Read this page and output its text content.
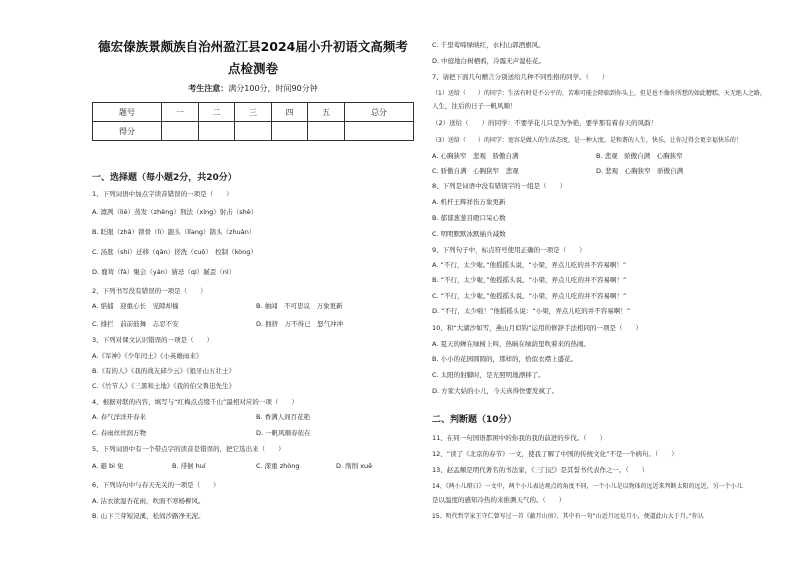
德宏傣族景颇族自治州盈江县2024届小升初语文高频考点检测卷
考生注意：满分100分，时间90分钟
题号	一	二	三	四	五	总分
得分						
一、选择题（每小题2分，共20分）
1、下列词语中加点字读音错误的一项是（　　）
A. 凛冽（liè）蒸发（zhēng）刑法（xíng）射击（shè）
B. 眨眼（zhǎ）锁骨（lì）跟头（lǐang）鹊头（zhuàn）
C. 汤匙（shí）迁移（qān）搓洗（cuō）　控制（kòng）
D. 鹿茸（fà）聚会（yán）猜忌（qí）腻歪（nì）
2、下列书写没有错误的一项是（　　）
A. 惦捕　迎重心长　见隙却撞	B. 抽闻　不可思议　万象更新
C. 排拦　前前鼓舞　志忍不安	D. 拥挤　万不得已　怒气冲冲
3、下列对课文认识错误的一项是（　　）
A.《军神》《少年闰土》《小英雄雨来》
B.《有的人》《我的战友邱少云》《狼牙山五壮士》
C.《竹节人》《三黑和土地》《我的伯父鲁迅先生》
4、根据对联的内容，填写与“红梅点点缀千山”最相对应的一项（　　）
A. 春气洋洋开春来	B. 香满人间百花艳
C. 春雨丝丝润万物	D. 一帆风顺春依在
5、下列词语中有一个带点字的读音是错误的，把它选出来（　　）
A. 避 bì 免	B. 徘徊 huí	C. 深重 zhòng	D. 削削 xuē
6、下列诗句中与春天无关的一项是（　　）
A. 沾衣欲湿杏花雨，吹面不寒杨柳风。
B. 山下兰芽短浸溪，松间沙路净无泥。
C. 千里莺啼绿映红，水村山郭酒旗风。
D. 中庭地白树栖鸦，冷露无声湿桂花。
7、请把下面几句赠言分别送给几种不同性格的同学。（　　）
（1）送给（　　）的同学：生活有时是不公平的，苦难可能会降临到你头上，但是也不像你所想的如此糟糕，天无绝人之路，
人生，往后的日子一帆风顺！
（2）送给（　　）的同学：不要学花儿只是为争艳，要学那有着春天的风韵！
（3）送给（　　）的同学：宽容是做人的生活态度，是一种大度，是和谐的人生，快乐，让你过得会更幸福快乐的！
A. 心胸狭窄　悲观　骄傲自满	B. 悲观　骄傲自满　心胸狭窄
C. 骄傲自满　心胸狭窄　悲观	D. 悲观　心胸狭窄　骄傲自满
8、下列是词语中没有错别字的一组是（　　）
A. 机杆王辉祥伤万象更新
B. 郁郁葱葱目瞪口呆心数
C. 明明默默冰默插兵减数
9、下列句子中，标点符号使用正确的一项是（　　）
A. “不行，太少啦。”他摇摇头说，“小梁，弄点儿吃的并不容易啊！”
B. “不行，太少啦，”他摇摇头说。“小梁，弄点儿吃的并不容易啊！”
C. “不行，太少啦。”他摇摇头说。“小梁，弄点儿吃的并不容易啊！”
D. “不行，太少啦！”他摇摇头说：“小梁，弄点儿吃的并不容易啊！”
10、和“大湖沙如雪，燕山月似钩”运用的修辞手法相同的一项是（　　）
A. 夏天的蝉在绿树上叫，热晌在绿荫里吹着来的热闹。
B. 小小的花园圆圆的，那样的，恰似衣襟上盛花。
C. 太阳的射脚时，是光照明地漂移了。
D. 方家大姑的小儿，今天真得快要发疯了。
二、判断题（10分）
11、在同一句国语都困中的你我的我的前进的步伐。（　　）
12、“读了《北京的春节》一文，使我了解了中国的传统文化”不是一个病句。（　　）
13、赵孟頫是明代著名的书法家，《三门记》是其誓书代表作之一。（　　）
14、《两小儿辩日》一文中，两个小儿表达观点的角度不同，一个小儿是以物体的远近来判断太阳的远近，另一个小儿
是以温度的感知冷热的来推测天气的。（　　）
15、明代哲学家王守仁曾写过一首《蔽月山房》，其中有一句“山近月远觉月小，便道此山大于月。”你认
